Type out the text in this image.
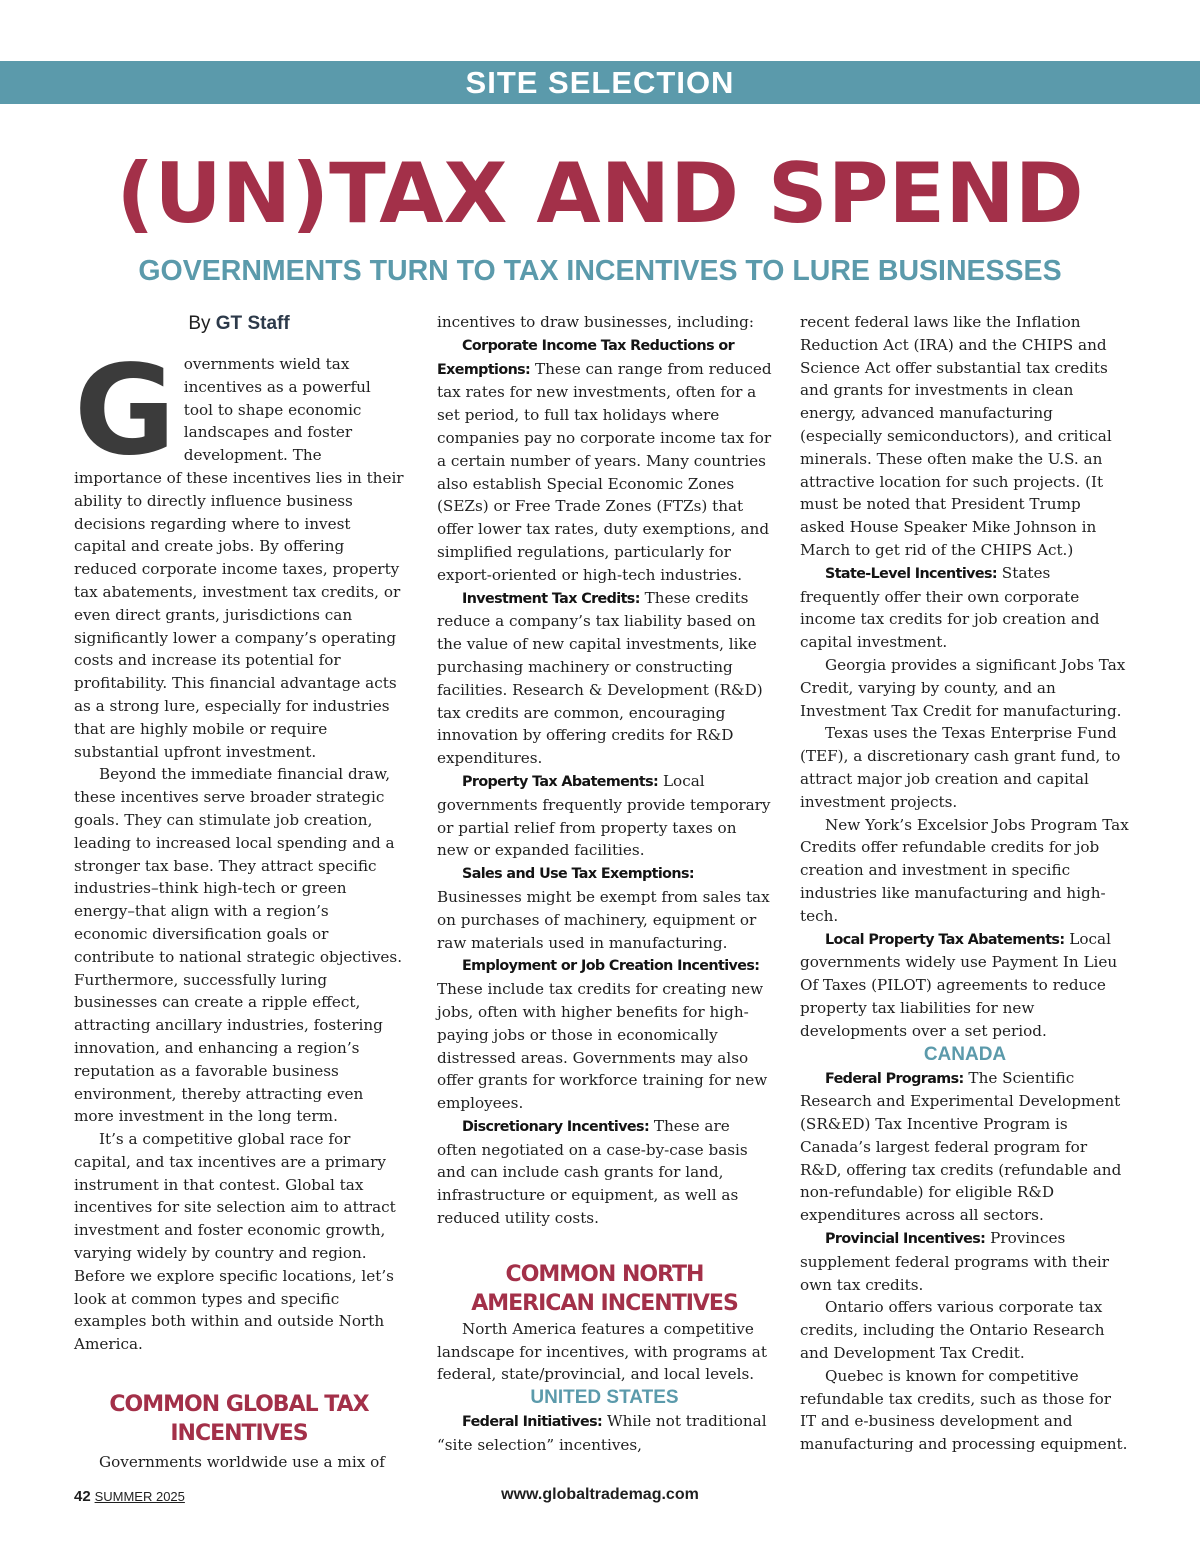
SITE SELECTION
(UN)TAX AND SPEND
GOVERNMENTS TURN TO TAX INCENTIVES TO LURE BUSINESSES
By GT Staff

Governments wield tax incentives as a powerful tool to shape economic landscapes and foster development. The importance of these incentives lies in their ability to directly influence business decisions regarding where to invest capital and create jobs. By offering reduced corporate income taxes, property tax abatements, investment tax credits, or even direct grants, jurisdictions can significantly lower a company’s operating costs and increase its potential for profitability. This financial advantage acts as a strong lure, especially for industries that are highly mobile or require substantial upfront investment.

Beyond the immediate financial draw, these incentives serve broader strategic goals. They can stimulate job creation, leading to increased local spending and a stronger tax base. They attract specific industries–think high-tech or green energy–that align with a region’s economic diversification goals or contribute to national strategic objectives. Furthermore, successfully luring businesses can create a ripple effect, attracting ancillary industries, fostering innovation, and enhancing a region’s reputation as a favorable business environment, thereby attracting even more investment in the long term.

It’s a competitive global race for capital, and tax incentives are a primary instrument in that contest. Global tax incentives for site selection aim to attract investment and foster economic growth, varying widely by country and region. Before we explore specific locations, let’s look at common types and specific examples both within and outside North America.

COMMON GLOBAL TAX INCENTIVES

Governments worldwide use a mix of

incentives to draw businesses, including:

Corporate Income Tax Reductions or Exemptions: These can range from reduced tax rates for new investments, often for a set period, to full tax holidays where companies pay no corporate income tax for a certain number of years. Many countries also establish Special Economic Zones (SEZs) or Free Trade Zones (FTZs) that offer lower tax rates, duty exemptions, and simplified regulations, particularly for export-oriented or high-tech industries.

Investment Tax Credits: These credits reduce a company’s tax liability based on the value of new capital investments, like purchasing machinery or constructing facilities. Research & Development (R&D) tax credits are common, encouraging innovation by offering credits for R&D expenditures.

Property Tax Abatements: Local governments frequently provide temporary or partial relief from property taxes on new or expanded facilities.

Sales and Use Tax Exemptions: Businesses might be exempt from sales tax on purchases of machinery, equipment or raw materials used in manufacturing.

Employment or Job Creation Incentives: These include tax credits for creating new jobs, often with higher benefits for high-paying jobs or those in economically distressed areas. Governments may also offer grants for workforce training for new employees.

Discretionary Incentives: These are often negotiated on a case-by-case basis and can include cash grants for land, infrastructure or equipment, as well as reduced utility costs.

COMMON NORTH AMERICAN INCENTIVES

North America features a competitive landscape for incentives, with programs at federal, state/provincial, and local levels.

UNITED STATES

Federal Initiatives: While not traditional “site selection” incentives,

recent federal laws like the Inflation Reduction Act (IRA) and the CHIPS and Science Act offer substantial tax credits and grants for investments in clean energy, advanced manufacturing (especially semiconductors), and critical minerals. These often make the U.S. an attractive location for such projects. (It must be noted that President Trump asked House Speaker Mike Johnson in March to get rid of the CHIPS Act.)

State-Level Incentives: States frequently offer their own corporate income tax credits for job creation and capital investment.

Georgia provides a significant Jobs Tax Credit, varying by county, and an Investment Tax Credit for manufacturing.

Texas uses the Texas Enterprise Fund (TEF), a discretionary cash grant fund, to attract major job creation and capital investment projects.

New York’s Excelsior Jobs Program Tax Credits offer refundable credits for job creation and investment in specific industries like manufacturing and high-tech.

Local Property Tax Abatements: Local governments widely use Payment In Lieu Of Taxes (PILOT) agreements to reduce property tax liabilities for new developments over a set period.

CANADA

Federal Programs: The Scientific Research and Experimental Development (SR&ED) Tax Incentive Program is Canada’s largest federal program for R&D, offering tax credits (refundable and non-refundable) for eligible R&D expenditures across all sectors.

Provincial Incentives: Provinces supplement federal programs with their own tax credits.

Ontario offers various corporate tax credits, including the Ontario Research and Development Tax Credit.

Quebec is known for competitive refundable tax credits, such as those for IT and e-business development and manufacturing and processing equipment.

42 SUMMER 2025	www.globaltrademag.com
